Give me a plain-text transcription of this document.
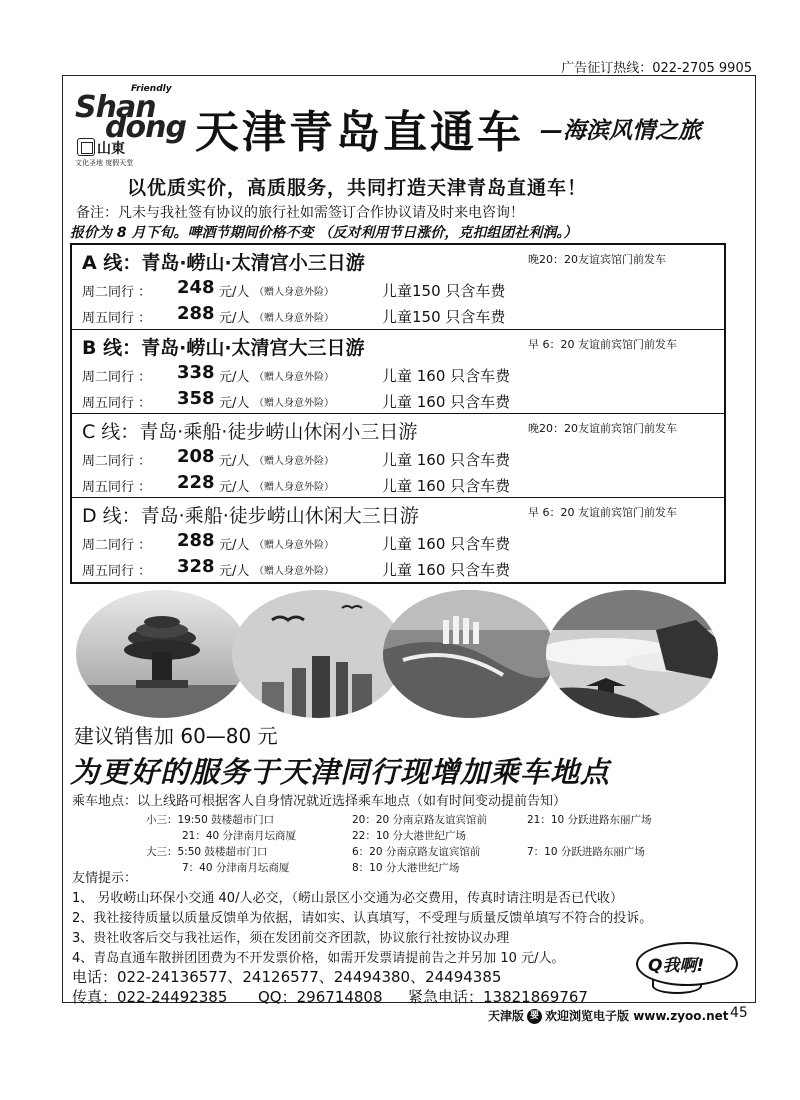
广告征订热线：022-2705 9905
Friendly
Shan
dong
山東
文化圣地 度假天堂
天津青岛直通车 —海滨风情之旅
以优质实价，高质服务，共同打造天津青岛直通车！
备注：凡未与我社签有协议的旅行社如需签订合作协议请及时来电咨询！
报价为 8 月下旬。啤酒节期间价格不变 （反对利用节日涨价，克扣组团社利润。）
A 线：青岛·崂山·太清宫小三日游	晚20：20友谊宾馆门前发车
周二同行 ： 248 元/人 （赠人身意外险）	儿童150 只含车费
周五同行 ： 288 元/人 （赠人身意外险）	儿童150 只含车费
B 线：青岛·崂山·太清宫大三日游	早 6：20 友谊前宾馆门前发车
周二同行 ： 338 元/人 （赠人身意外险）	儿童 160 只含车费
周五同行 ： 358 元/人 （赠人身意外险）	儿童 160 只含车费
C 线：青岛·乘船·徒步崂山休闲小三日游	晚20：20友谊前宾馆门前发车
周二同行 ： 208 元/人 （赠人身意外险）	儿童 160 只含车费
周五同行 ： 228 元/人 （赠人身意外险）	儿童 160 只含车费
D 线：青岛·乘船·徒步崂山休闲大三日游	早 6：20 友谊前宾馆门前发车
周二同行 ： 288 元/人 （赠人身意外险）	儿童 160 只含车费
周五同行 ： 328 元/人 （赠人身意外险）	儿童 160 只含车费
建议销售加 60—80 元
为更好的服务于天津同行现增加乘车地点
乘车地点：以上线路可根据客人自身情况就近选择乘车地点（如有时间变动提前告知）
小三：19:50 鼓楼超市门口	20：20 分南京路友谊宾馆前	21：10 分跃进路东丽广场
21：40 分津南月坛商厦	22：10 分大港世纪广场
大三：5:50 鼓楼超市门口	6：20 分南京路友谊宾馆前	7：10 分跃进路东丽广场
7：40 分津南月坛商厦	8：10 分大港世纪广场
友情提示：
1、 另收崂山环保小交通 40/人必交，（崂山景区小交通为必交费用，传真时请注明是否已代收）
2、我社接待质量以质量反馈单为依据，请如实、认真填写，不受理与质量反馈单填写不符合的投诉。
3、贵社收客后交与我社运作，须在发团前交齐团款，协议旅行社按协议办理
4、青岛直通车散拼团团费为不开发票价格，如需开发票请提前告之并另加 10 元/人。
电话：022-24136577、24126577、24494380、24494385
传真：022-24492385 QQ：296714808 紧急电话：13821869767
Q我啊!
天津版 要 欢迎浏览电子版 www.zyoo.net 45
